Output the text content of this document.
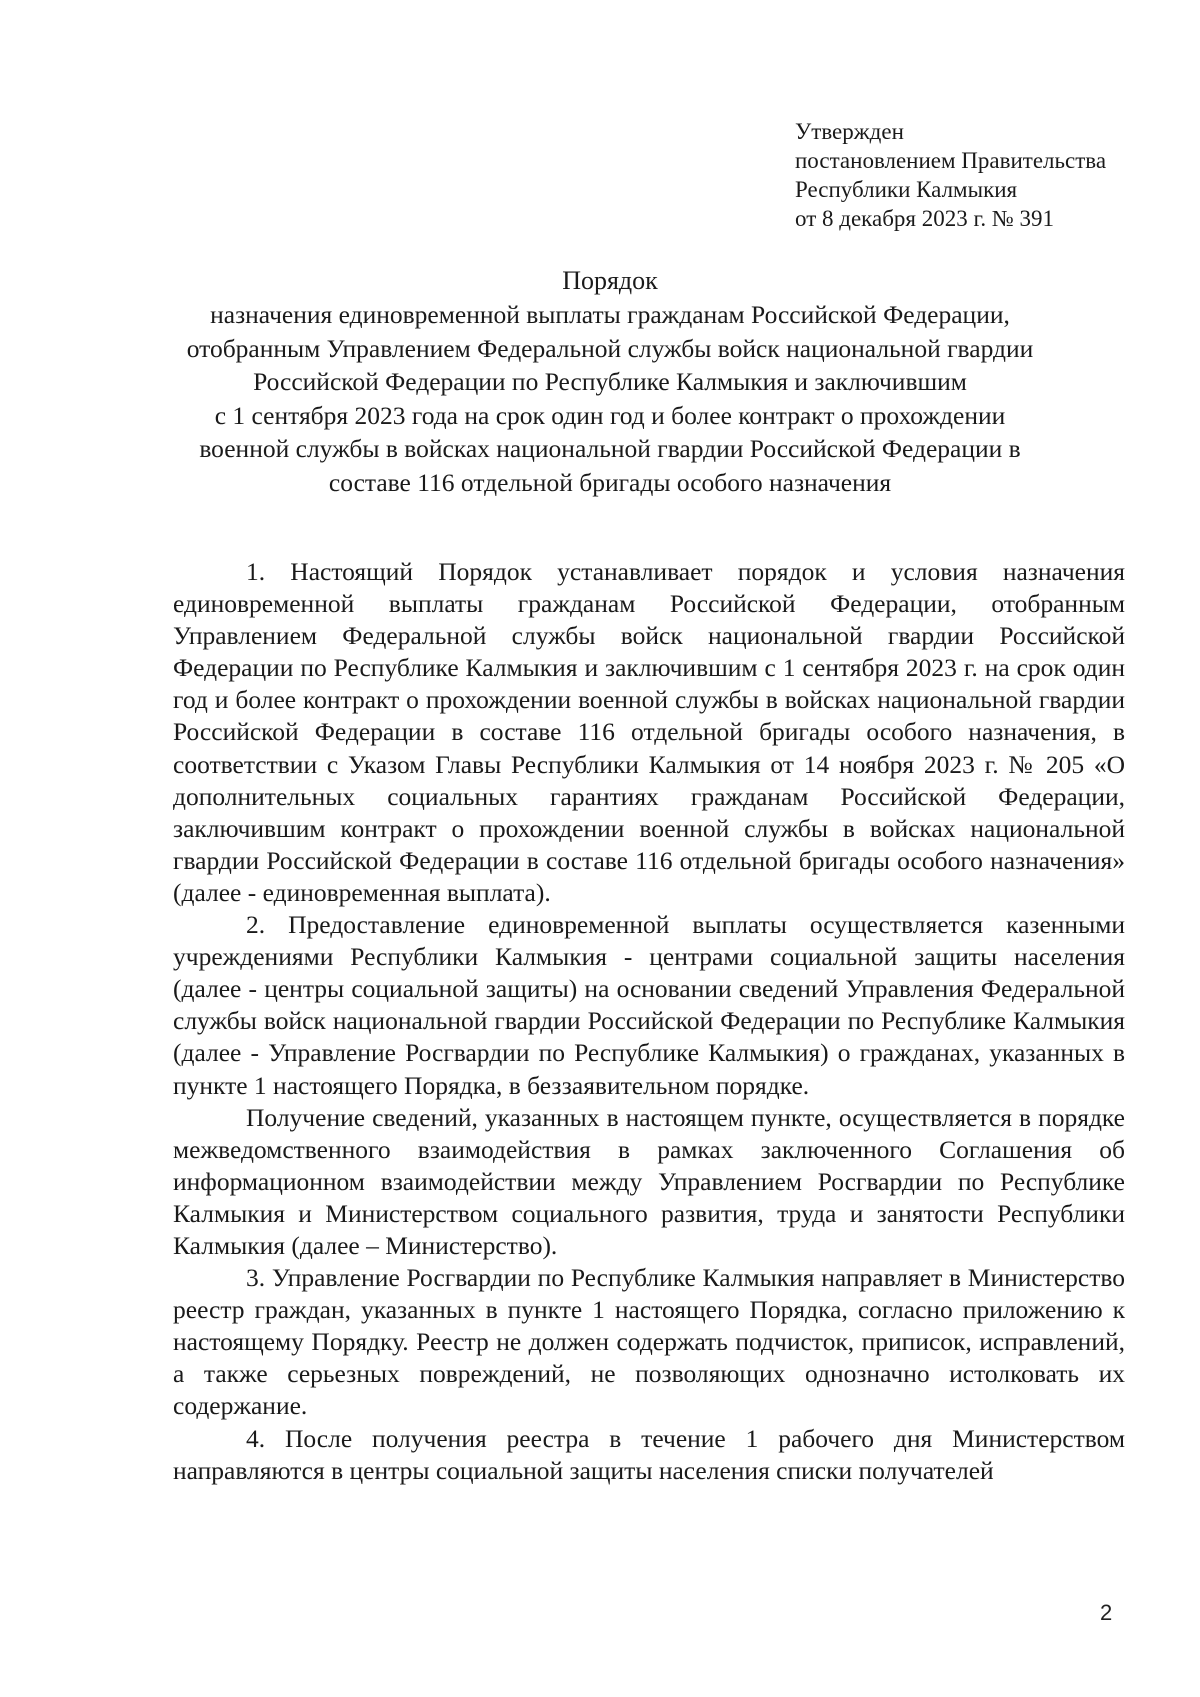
Утвержден
постановлением Правительства
Республики Калмыкия
от 8 декабря 2023 г. № 391
Порядок
назначения единовременной выплаты гражданам Российской Федерации,
отобранным Управлением Федеральной службы войск национальной гвардии
Российской Федерации по Республике Калмыкия и заключившим
с 1 сентября 2023 года на срок один год и более контракт о прохождении
военной службы в войсках национальной гвардии Российской Федерации в
составе 116 отдельной бригады особого назначения

1. Настоящий Порядок устанавливает порядок и условия назначения единовременной выплаты гражданам Российской Федерации, отобранным Управлением Федеральной службы войск национальной гвардии Российской Федерации по Республике Калмыкия и заключившим с 1 сентября 2023 г. на срок один год и более контракт о прохождении военной службы в войсках национальной гвардии Российской Федерации в составе 116 отдельной бригады особого назначения, в соответствии с Указом Главы Республики Калмыкия от 14 ноября 2023 г. № 205 «О дополнительных социальных гарантиях гражданам Российской Федерации, заключившим контракт о прохождении военной службы в войсках национальной гвардии Российской Федерации в составе 116 отдельной бригады особого назначения» (далее - единовременная выплата).

2. Предоставление единовременной выплаты осуществляется казенными учреждениями Республики Калмыкия - центрами социальной защиты населения (далее - центры социальной защиты) на основании сведений Управления Федеральной службы войск национальной гвардии Российской Федерации по Республике Калмыкия (далее - Управление Росгвардии по Республике Калмыкия) о гражданах, указанных в пункте 1 настоящего Порядка, в беззаявительном порядке.

Получение сведений, указанных в настоящем пункте, осуществляется в порядке межведомственного взаимодействия в рамках заключенного Соглашения об информационном взаимодействии между Управлением Росгвардии по Республике Калмыкия и Министерством социального развития, труда и занятости Республики Калмыкия (далее – Министерство).

3. Управление Росгвардии по Республике Калмыкия направляет в Министерство реестр граждан, указанных в пункте 1 настоящего Порядка, согласно приложению к настоящему Порядку. Реестр не должен содержать подчисток, приписок, исправлений, а также серьезных повреждений, не позволяющих однозначно истолковать их содержание.

4. После получения реестра в течение 1 рабочего дня Министерством направляются в центры социальной защиты населения списки получателей

2
